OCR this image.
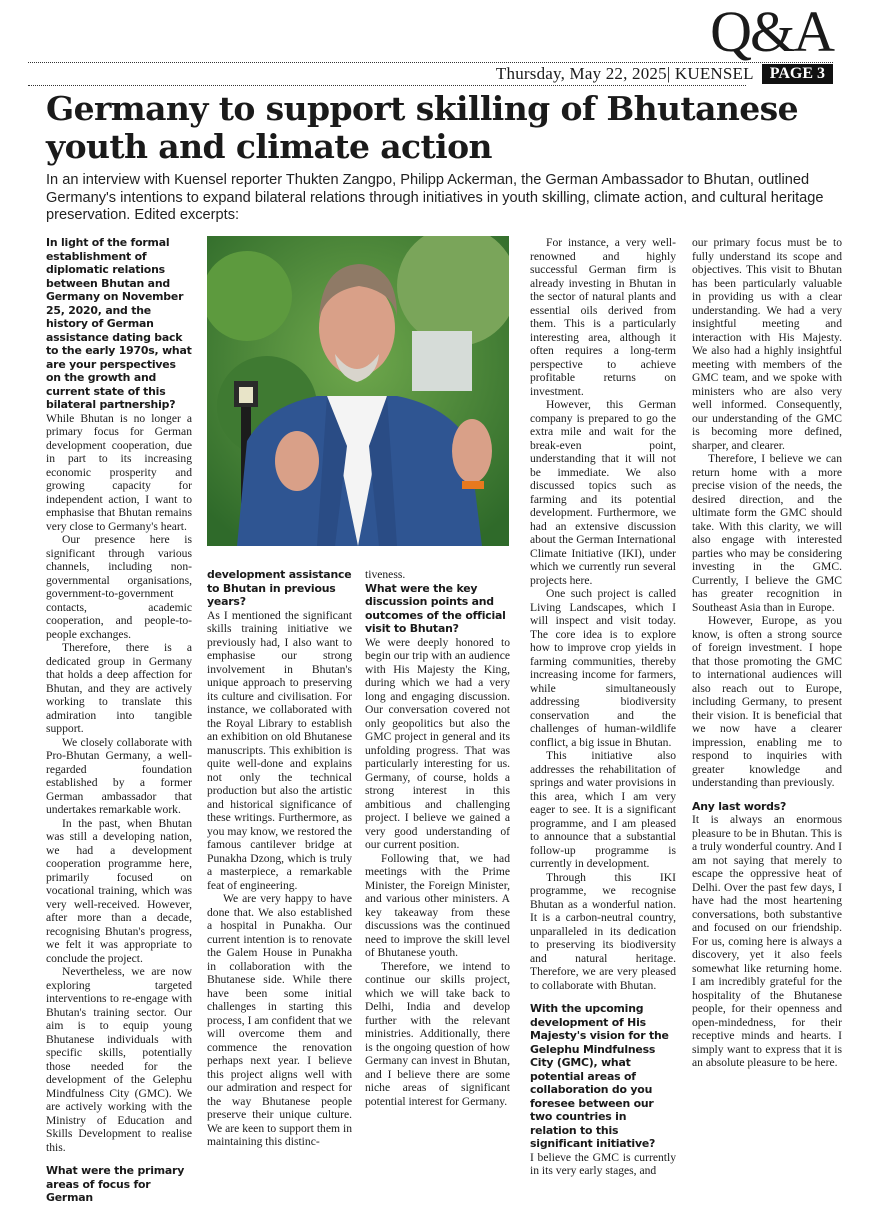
Q&A
Thursday, May 22, 2025| KUENSEL	PAGE 3
Germany to support skilling of Bhutanese youth and climate action

In an interview with Kuensel reporter Thukten Zangpo, Philipp Ackerman, the German Ambassador to Bhutan, outlined Germany's intentions to expand bilateral relations through initiatives in youth skilling, climate action, and cultural heritage preservation. Edited excerpts:

In light of the formal establishment of diplomatic relations between Bhutan and Germany on November 25, 2020, and the history of German assistance dating back to the early 1970s, what are your perspectives on the growth and current state of this bilateral partnership?

While Bhutan is no longer a primary focus for German development cooperation, due in part to its increasing economic prosperity and growing capacity for independent action, I want to emphasise that Bhutan remains very close to Germany's heart.

Our presence here is significant through various channels, including non-governmental organisations, government-to-government contacts, academic cooperation, and people-to-people exchanges.

Therefore, there is a dedicated group in Germany that holds a deep affection for Bhutan, and they are actively working to translate this admiration into tangible support.

We closely collaborate with Pro-Bhutan Germany, a well-regarded foundation established by a former German ambassador that undertakes remarkable work.

In the past, when Bhutan was still a developing nation, we had a development cooperation programme here, primarily focused on vocational training, which was very well-received. However, after more than a decade, recognising Bhutan's progress, we felt it was appropriate to conclude the project.

Nevertheless, we are now exploring targeted interventions to re-engage with Bhutan's training sector. Our aim is to equip young Bhutanese individuals with specific skills, potentially those needed for the development of the Gelephu Mindfulness City (GMC). We are actively working with the Ministry of Education and Skills Development to realise this.

What were the primary areas of focus for German
development assistance to Bhutan in previous years?

As I mentioned the significant skills training initiative we previously had, I also want to emphasise our strong involvement in Bhutan's unique approach to preserving its culture and civilisation. For instance, we collaborated with the Royal Library to establish an exhibition on old Bhutanese manuscripts. This exhibition is quite well-done and explains not only the technical production but also the artistic and historical significance of these writings. Furthermore, as you may know, we restored the famous cantilever bridge at Punakha Dzong, which is truly a masterpiece, a remarkable feat of engineering.

We are very happy to have done that. We also established a hospital in Punakha. Our current intention is to renovate the Galem House in Punakha in collaboration with the Bhutanese side. While there have been some initial challenges in starting this process, I am confident that we will overcome them and commence the renovation perhaps next year. I believe this project aligns well with our admiration and respect for the way Bhutanese people preserve their unique culture. We are keen to support them in maintaining this distinc-

tiveness.

What were the key discussion points and outcomes of the official visit to Bhutan?

We were deeply honored to begin our trip with an audience with His Majesty the King, during which we had a very long and engaging discussion. Our conversation covered not only geopolitics but also the GMC project in general and its unfolding progress. That was particularly interesting for us. Germany, of course, holds a strong interest in this ambitious and challenging project. I believe we gained a very good understanding of our current position.

Following that, we had meetings with the Prime Minister, the Foreign Minister, and various other ministers. A key takeaway from these discussions was the continued need to improve the skill level of Bhutanese youth.

Therefore, we intend to continue our skills project, which we will take back to Delhi, India and develop further with the relevant ministries. Additionally, there is the ongoing question of how Germany can invest in Bhutan, and I believe there are some niche areas of significant potential interest for Germany.

For instance, a very well-renowned and highly successful German firm is already investing in Bhutan in the sector of natural plants and essential oils derived from them. This is a particularly interesting area, although it often requires a long-term perspective to achieve profitable returns on investment.

However, this German company is prepared to go the extra mile and wait for the break-even point, understanding that it will not be immediate. We also discussed topics such as farming and its potential development. Furthermore, we had an extensive discussion about the German International Climate Initiative (IKI), under which we currently run several projects here.

One such project is called Living Landscapes, which I will inspect and visit today. The core idea is to explore how to improve crop yields in farming communities, thereby increasing income for farmers, while simultaneously addressing biodiversity conservation and the challenges of human-wildlife conflict, a big issue in Bhutan.

This initiative also addresses the rehabilitation of springs and water provisions in this area, which I am very eager to see. It is a significant programme, and I am pleased to announce that a substantial follow-up programme is currently in development.

Through this IKI programme, we recognise Bhutan as a wonderful nation. It is a carbon-neutral country, unparalleled in its dedication to preserving its biodiversity and natural heritage. Therefore, we are very pleased to collaborate with Bhutan.

With the upcoming development of His Majesty's vision for the Gelephu Mindfulness City (GMC), what potential areas of collaboration do you foresee between our two countries in relation to this significant initiative?

I believe the GMC is currently in its very early stages, and

our primary focus must be to fully understand its scope and objectives. This visit to Bhutan has been particularly valuable in providing us with a clear understanding. We had a very insightful meeting and interaction with His Majesty. We also had a highly insightful meeting with members of the GMC team, and we spoke with ministers who are also very well informed. Consequently, our understanding of the GMC is becoming more defined, sharper, and clearer.

Therefore, I believe we can return home with a more precise vision of the needs, the desired direction, and the ultimate form the GMC should take. With this clarity, we will also engage with interested parties who may be considering investing in the GMC. Currently, I believe the GMC has greater recognition in Southeast Asia than in Europe.

However, Europe, as you know, is often a strong source of foreign investment. I hope that those promoting the GMC to international audiences will also reach out to Europe, including Germany, to present their vision. It is beneficial that we now have a clearer impression, enabling me to respond to inquiries with greater knowledge and understanding than previously.

Any last words?

It is always an enormous pleasure to be in Bhutan. This is a truly wonderful country. And I am not saying that merely to escape the oppressive heat of Delhi. Over the past few days, I have had the most heartening conversations, both substantive and focused on our friendship. For us, coming here is always a discovery, yet it also feels somewhat like returning home. I am incredibly grateful for the hospitality of the Bhutanese people, for their openness and open-mindedness, for their receptive minds and hearts. I simply want to express that it is an absolute pleasure to be here.
